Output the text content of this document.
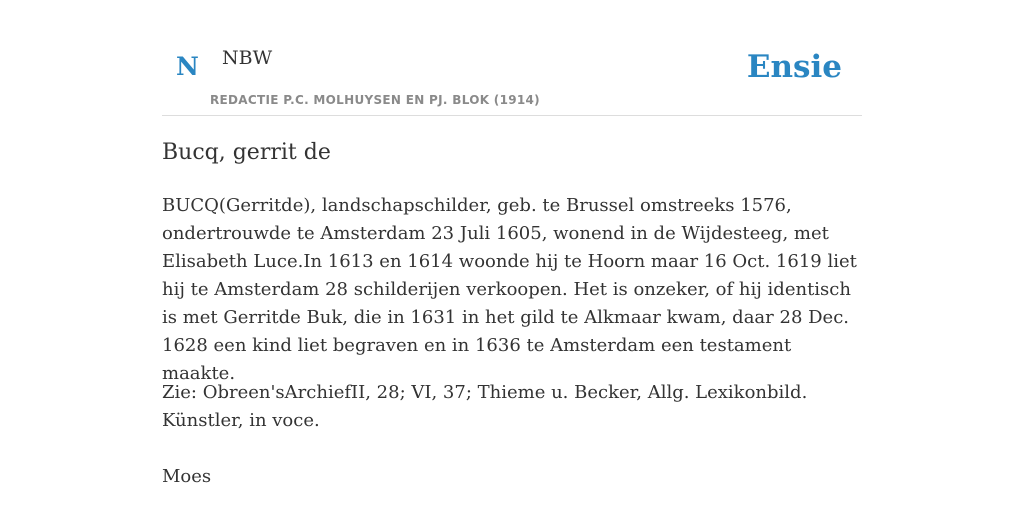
N NBW
REDACTIE P.C. MOLHUYSEN EN PJ. BLOK (1914)
Ensie
Bucq, gerrit de

BUCQ(Gerritde), landschapschilder, geb. te Brussel omstreeks 1576, ondertrouwde te Amsterdam 23 Juli 1605, wonend in de Wijdesteeg, met Elisabeth Luce.In 1613 en 1614 woonde hij te Hoorn maar 16 Oct. 1619 liet hij te Amsterdam 28 schilderijen verkoopen. Het is onzeker, of hij identisch is met Gerritde Buk, die in 1631 in het gild te Alkmaar kwam, daar 28 Dec. 1628 een kind liet begraven en in 1636 te Amsterdam een testament maakte.

Zie: Obreen'sArchiefII, 28; VI, 37; Thieme u. Becker, Allg. Lexikonbild. Künstler, in voce.

Moes
